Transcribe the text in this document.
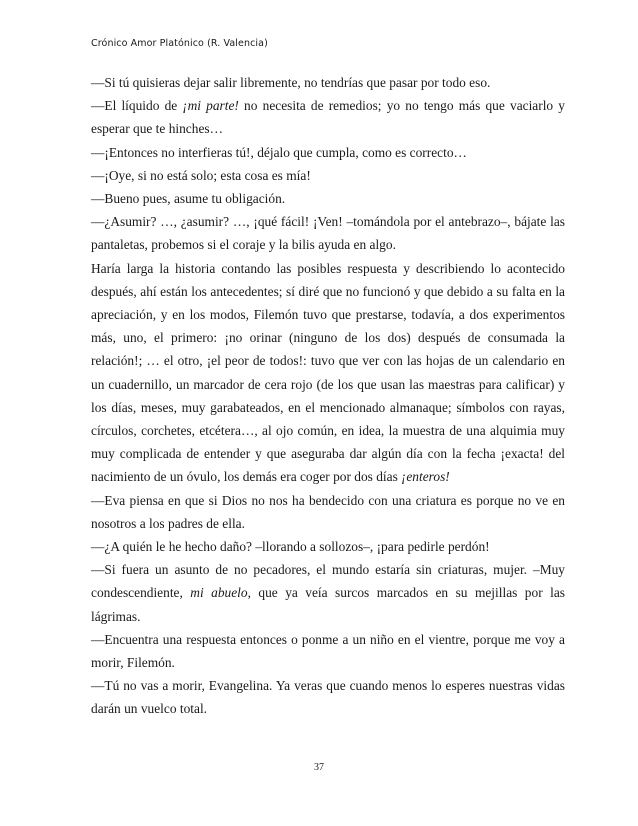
Crónico Amor Platónico (R. Valencia)

—Si tú quisieras dejar salir libremente, no tendrías que pasar por todo eso.

—El líquido de ¡mi parte! no necesita de remedios; yo no tengo más que vaciarlo y esperar que te hinches…

—¡Entonces no interfieras tú!, déjalo que cumpla, como es correcto…

—¡Oye, si no está solo; esta cosa es mía!

—Bueno pues, asume tu obligación.

—¿Asumir? …, ¿asumir? …, ¡qué fácil! ¡Ven! –tomándola por el antebrazo–, bájate las pantaletas, probemos si el coraje y la bilis ayuda en algo.

Haría larga la historia contando las posibles respuesta y describiendo lo acontecido después, ahí están los antecedentes; sí diré que no funcionó y que debido a su falta en la apreciación, y en los modos, Filemón tuvo que prestarse, todavía, a dos experimentos más, uno, el primero: ¡no orinar (ninguno de los dos) después de consumada la relación!; … el otro, ¡el peor de todos!: tuvo que ver con las hojas de un calendario en un cuadernillo, un marcador de cera rojo (de los que usan las maestras para calificar) y los días, meses, muy garabateados, en el mencionado almanaque; símbolos con rayas, círculos, corchetes, etcétera…, al ojo común, en idea, la muestra de una alquimia muy muy complicada de entender y que aseguraba dar algún día con la fecha ¡exacta! del nacimiento de un óvulo, los demás era coger por dos días ¡enteros!

—Eva piensa en que si Dios no nos ha bendecido con una criatura es porque no ve en nosotros a los padres de ella.

—¿A quién le he hecho daño? –llorando a sollozos–, ¡para pedirle perdón!

—Si fuera un asunto de no pecadores, el mundo estaría sin criaturas, mujer. –Muy condescendiente, mi abuelo, que ya veía surcos marcados en su mejillas por las lágrimas.

—Encuentra una respuesta entonces o ponme a un niño en el vientre, porque me voy a morir, Filemón.

—Tú no vas a morir, Evangelina. Ya veras que cuando menos lo esperes nuestras vidas darán un vuelco total.

37
